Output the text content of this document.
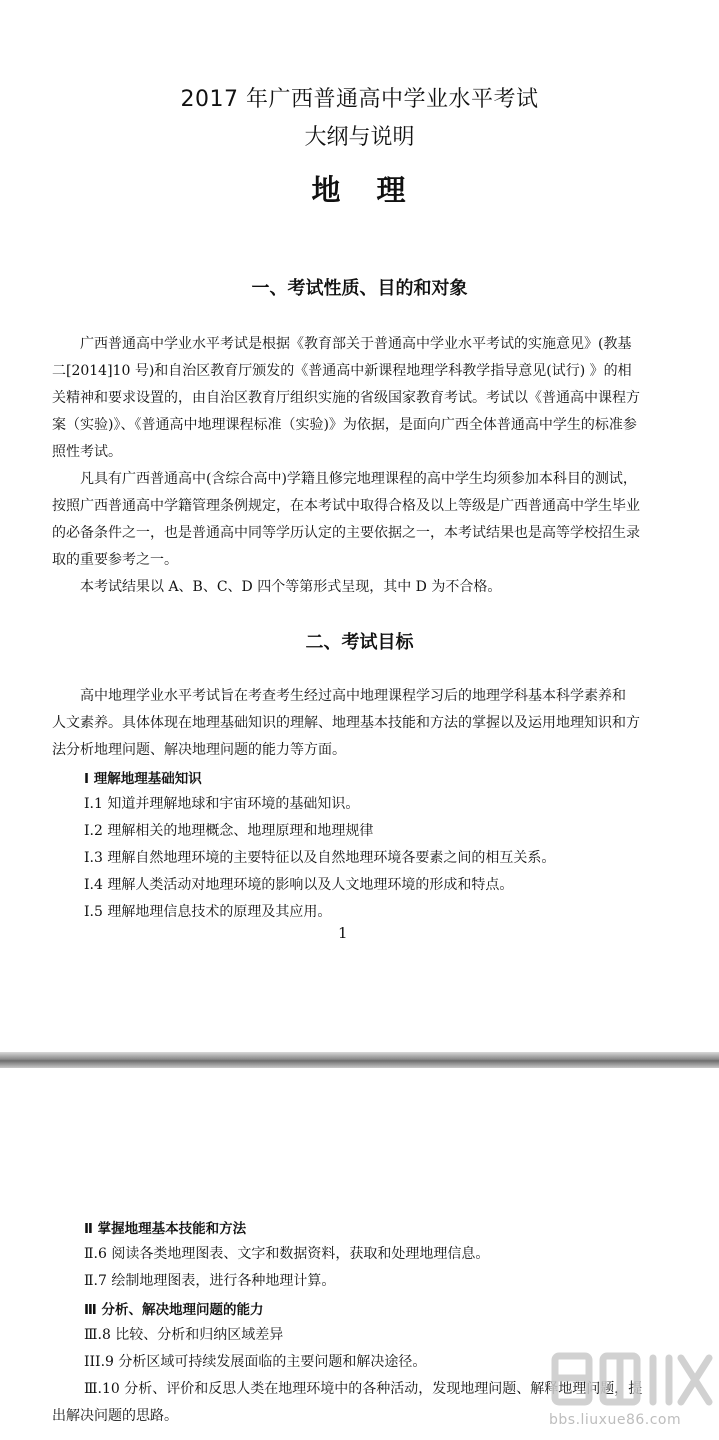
2017 年广西普通高中学业水平考试
大纲与说明
地 理
一、考试性质、目的和对象
广西普通高中学业水平考试是根据《教育部关于普通高中学业水平考试的实施意见》(教基
二[2014]10 号)和自治区教育厅颁发的《普通高中新课程地理学科教学指导意见(试行) 》的相
关精神和要求设置的，由自治区教育厅组织实施的省级国家教育考试。考试以《普通高中课程方
案（实验)》、《普通高中地理课程标准（实验)》为依据，是面向广西全体普通高中学生的标准参
照性考试。
凡具有广西普通高中(含综合高中)学籍且修完地理课程的高中学生均须参加本科目的测试，
按照广西普通高中学籍管理条例规定，在本考试中取得合格及以上等级是广西普通高中学生毕业
的必备条件之一，也是普通高中同等学历认定的主要依据之一，本考试结果也是高等学校招生录
取的重要参考之一。
本考试结果以 A、B、C、D 四个等第形式呈现，其中 D 为不合格。
二、考试目标
高中地理学业水平考试旨在考查考生经过高中地理课程学习后的地理学科基本科学素养和
人文素养。具体体现在地理基础知识的理解、地理基本技能和方法的掌握以及运用地理知识和方
法分析地理问题、解决地理问题的能力等方面。
Ⅰ 理解地理基础知识
Ⅰ.1 知道并理解地球和宇宙环境的基础知识。
Ⅰ.2 理解相关的地理概念、地理原理和地理规律
Ⅰ.3 理解自然地理环境的主要特征以及自然地理环境各要素之间的相互关系。
Ⅰ.4 理解人类活动对地理环境的影响以及人文地理环境的形成和特点。
Ⅰ.5 理解地理信息技术的原理及其应用。
1
Ⅱ 掌握地理基本技能和方法
Ⅱ.6 阅读各类地理图表、文字和数据资料，获取和处理地理信息。
Ⅱ.7 绘制地理图表，进行各种地理计算。
Ⅲ 分析、解决地理问题的能力
Ⅲ.8 比较、分析和归纳区域差异
III.9 分析区域可持续发展面临的主要问题和解决途径。
Ⅲ.10 分析、评价和反思人类在地理环境中的各种活动，发现地理问题、解释地理问题，提
出解决问题的思路。	bbs.liuxue86.com
